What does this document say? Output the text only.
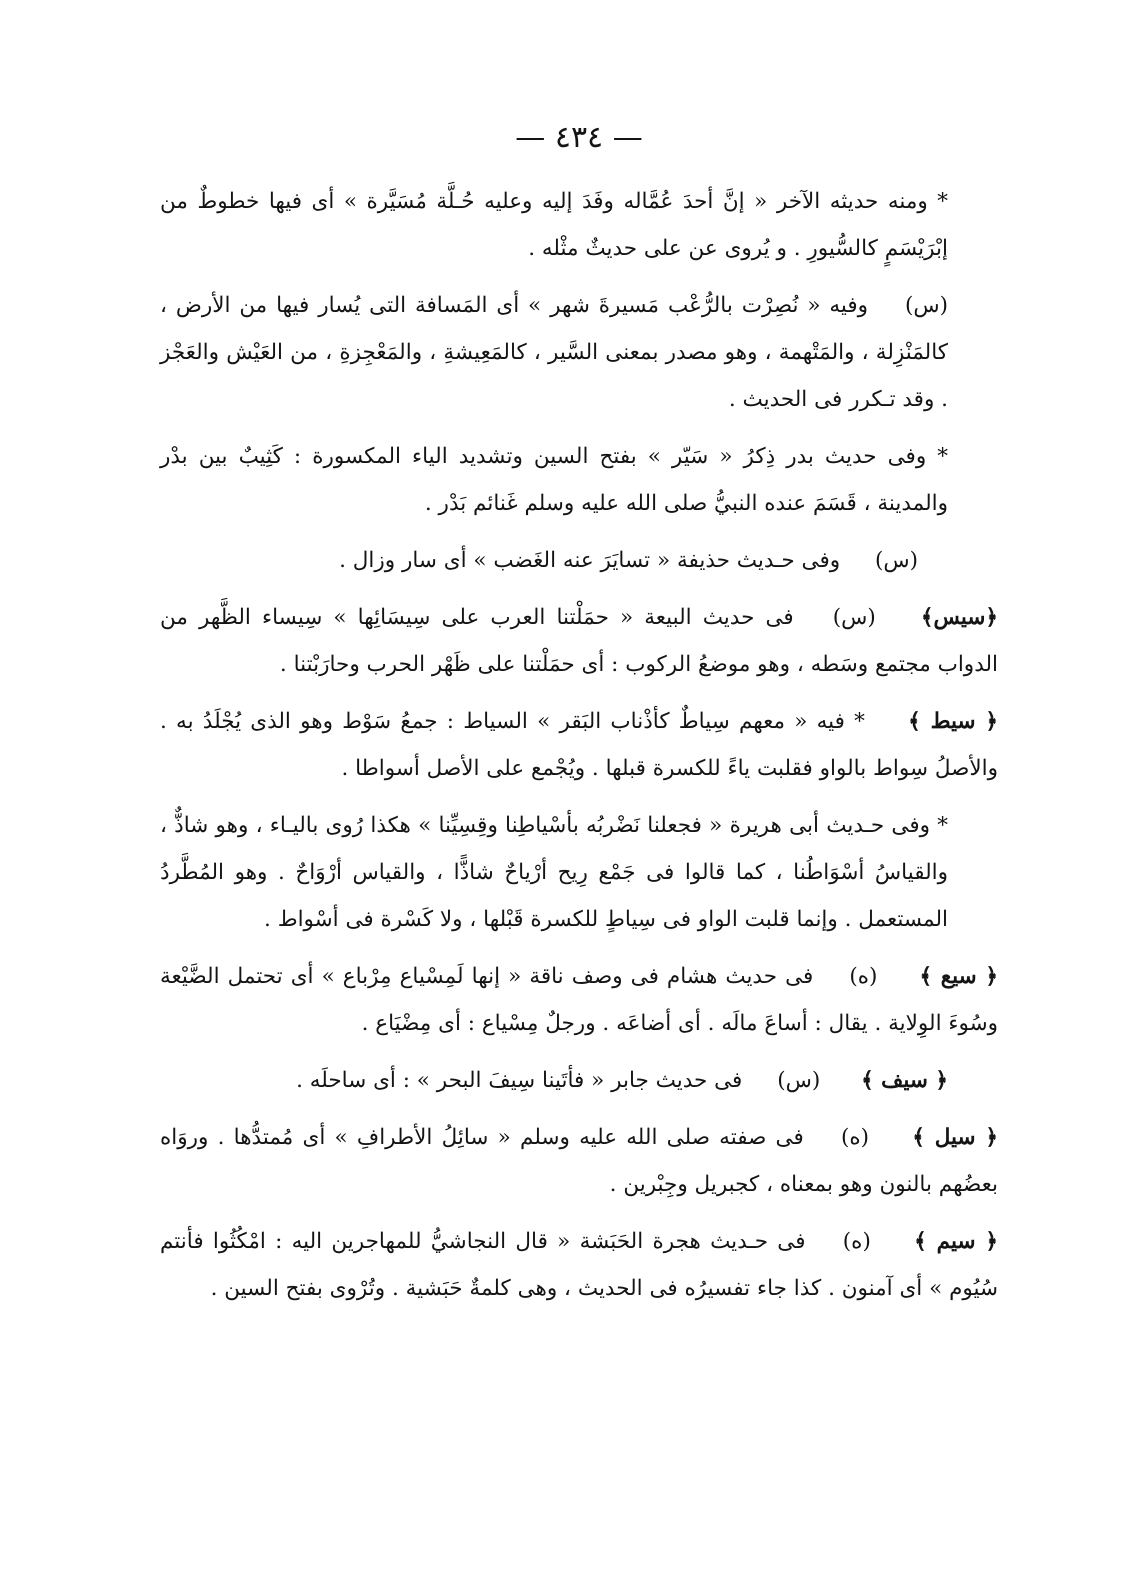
— ٤٣٤ —

* ومنه حديثه الآخر « إنَّ أحدَ عُمَّاله وفَدَ إليه وعليه حُـلَّة مُسَيَّرة » أى فيها خطوطٌ من إبْرَيْسَمٍ كالسُّيورِ . و يُروى عن على حديثٌ مثْله .

(س) وفيه « نُصِرْت بالرُّعْب مَسيرةَ شهر » أى المَسافة التى يُسار فيها من الأرض ، كالمَنْزِلة ، والمَتْهمة ، وهو مصدر بمعنى السَّير ، كالمَعِيشةِ ، والمَعْجِزةِ ، من العَيْش والعَجْز . وقد تـكرر فى الحديث .

* وفى حديث بدر ذِكرُ « سَيّر » بفتح السين وتشديد الياء المكسورة : كَثِيبٌ بين بدْر والمدينة ، قَسَمَ عنده النبيُّ صلى الله عليه وسلم غَنائم بَدْر .

(س) وفى حـديث حذيفة « تسايَرَ عنه الغَضب » أى سار وزال .

﴿سيس﴾ (س) فى حديث البيعة « حمَلْتنا العرب على سِيسَائِها » سِيساء الظَّهر من الدواب مجتمع وسَطه ، وهو موضعُ الركوب : أى حمَلْتنا على ظَهْر الحرب وحارَبْتنا .

﴿ سيط ﴾ * فيه « معهم سِياطٌ كأذْناب البَقر » السياط : جمعُ سَوْط وهو الذى يُجْلَدُ به . والأصلُ سِواط بالواو فقلبت ياءً للكسرة قبلها . ويُجْمع على الأصل أسواطا .

* وفى حـديث أبى هريرة « فجعلنا نَضْربُه بأسْياطِنا وقِسِيِّنا » هكذا رُوى باليـاء ، وهو شاذٌّ ، والقياسُ أسْوَاطُنا ، كما قالوا فى جَمْع رِيح أرْياحٌ شاذًّا ، والقياس أرْوَاحٌ . وهو المُطَّردُ المستعمل . وإنما قلبت الواو فى سِياطٍ للكسرة قَبْلها ، ولا كَسْرة فى أسْواط .

﴿ سيع ﴾ (ه) فى حديث هشام فى وصف ناقة « إنها لَمِسْياع مِرْباع » أى تحتمل الضَّيْعة وسُوءَ الوِلاية . يقال : أساعَ مالَه . أى أضاعَه . ورجلٌ مِسْياع : أى مِضْيَاع .

﴿ سيف ﴾ (س) فى حديث جابر « فأتَينا سِيفَ البحر » : أى ساحلَه .

﴿ سيل ﴾ (ه) فى صفته صلى الله عليه وسلم « سائِلُ الأطرافِ » أى مُمتدُّها . وروَاه بعضُهم بالنون وهو بمعناه ، كجبريل وجِبْرين .

﴿ سيم ﴾ (ه) فى حـديث هجرة الحَبَشة « قال النجاشيُّ للمهاجرين اليه : امْكُثُوا فأنتم سُيُوم » أى آمنون . كذا جاء تفسيرُه فى الحديث ، وهى كلمةٌ حَبَشية . وتُرْوى بفتح السين .
